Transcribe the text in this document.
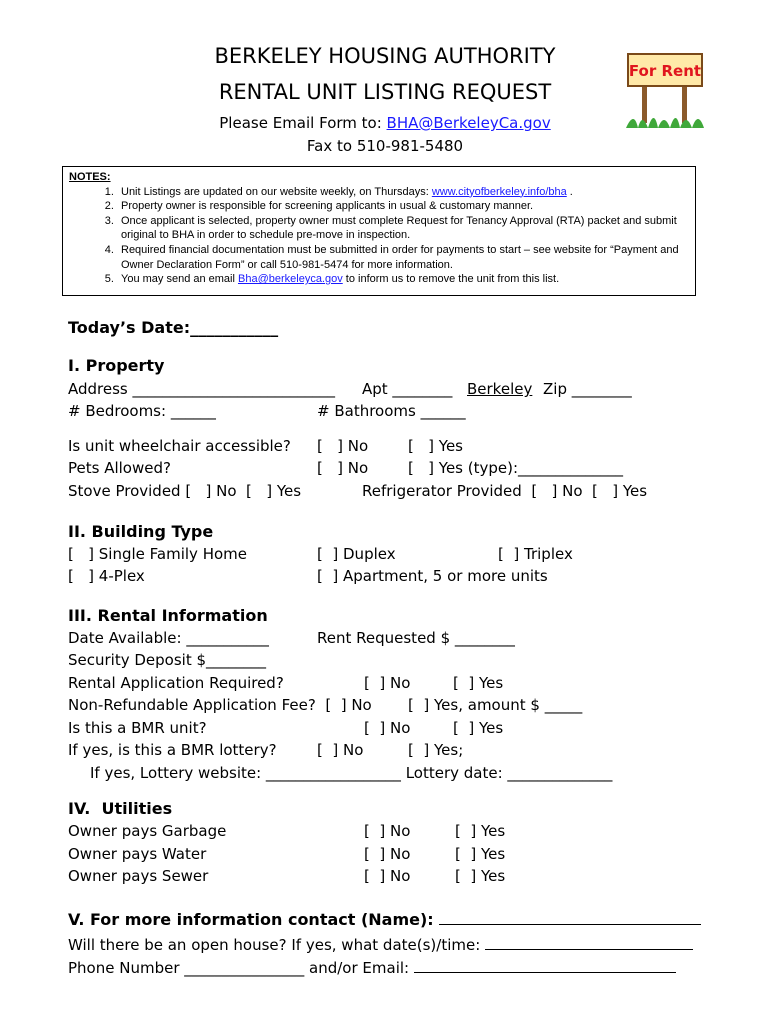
BERKELEY HOUSING AUTHORITY
RENTAL UNIT LISTING REQUEST
Please Email Form to: BHA@BerkeleyCa.gov
Fax to 510-981-5480
For Rent
NOTES:
1. Unit Listings are updated on our website weekly, on Thursdays: www.cityofberkeley.info/bha .
2. Property owner is responsible for screening applicants in usual & customary manner.
3. Once applicant is selected, property owner must complete Request for Tenancy Approval (RTA) packet and submit original to BHA in order to schedule pre-move in inspection.
4. Required financial documentation must be submitted in order for payments to start – see website for “Payment and Owner Declaration Form” or call 510-981-5474 for more information.
5. You may send an email Bha@berkeleyca.gov to inform us to remove the unit from this list.
Today’s Date:___________
I. Property
Address ___________________________ Apt ________ Berkeley Zip ________
# Bedrooms: ______	# Bathrooms ______
Is unit wheelchair accessible? [   ] No	[   ] Yes
Pets Allowed?	[   ] No	[   ] Yes (type):______________
Stove Provided [   ] No  [   ] Yes	Refrigerator Provided  [   ] No  [   ] Yes
II. Building Type
[   ] Single Family Home	[  ] Duplex	[  ] Triplex
[   ] 4-Plex	[  ] Apartment, 5 or more units
III. Rental Information
Date Available: ___________	Rent Requested $ ________
Security Deposit $________
Rental Application Required?	[  ] No	[  ] Yes
Non-Refundable Application Fee?  [  ] No [  ] Yes, amount $ _____
Is this a BMR unit?	[  ] No	[  ] Yes
If yes, is this a BMR lottery?	[  ] No	[  ] Yes;
If yes, Lottery website: __________________ Lottery date: ______________
IV.  Utilities
Owner pays Garbage	[  ] No	[  ] Yes
Owner pays Water	[  ] No	[  ] Yes
Owner pays Sewer	[  ] No	[  ] Yes
V. For more information contact (Name):
Will there be an open house? If yes, what date(s)/time:
Phone Number ________________ and/or Email:
